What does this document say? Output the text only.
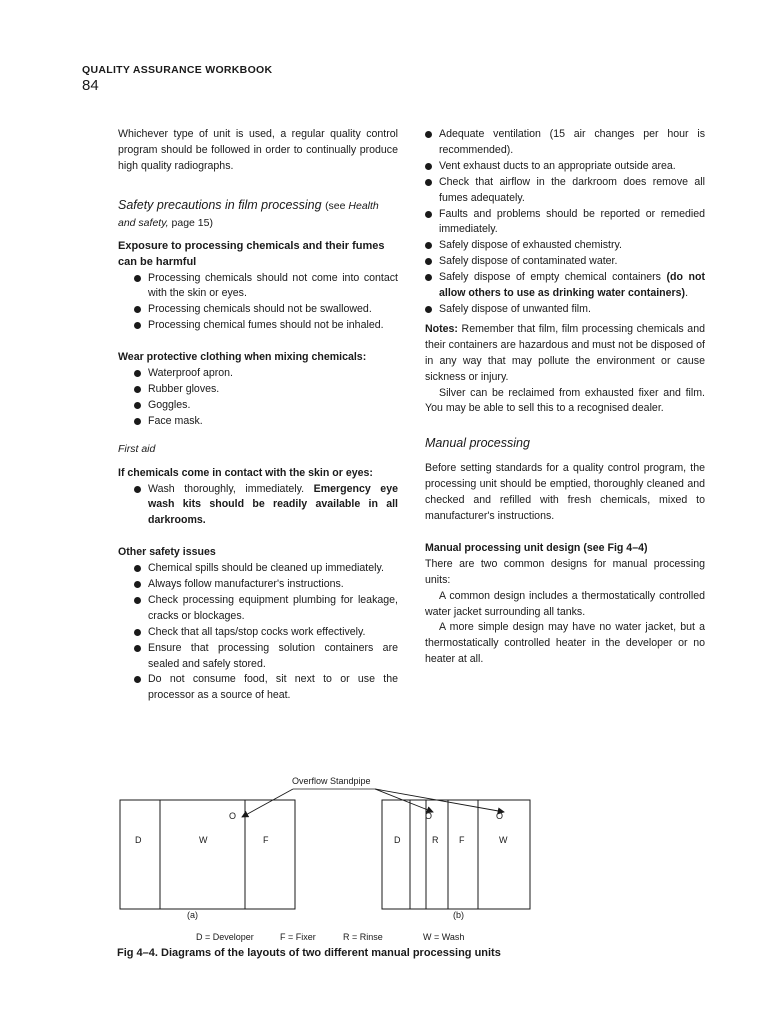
QUALITY ASSURANCE WORKBOOK
84

Whichever type of unit is used, a regular quality control program should be followed in order to continually produce high quality radiographs.

Safety precautions in film processing (see Health and safety, page 15)

Exposure to processing chemicals and their fumes can be harmful

Processing chemicals should not come into contact with the skin or eyes.
Processing chemicals should not be swallowed.
Processing chemical fumes should not be inhaled.

Wear protective clothing when mixing chemicals:

Waterproof apron.
Rubber gloves.
Goggles.
Face mask.
First aid

If chemicals come in contact with the skin or eyes:

Wash thoroughly, immediately. Emergency eye wash kits should be readily available in all darkrooms.

Other safety issues

Chemical spills should be cleaned up immediately.
Always follow manufacturer's instructions.
Check processing equipment plumbing for leakage, cracks or blockages.
Check that all taps/stop cocks work effectively.
Ensure that processing solution containers are sealed and safely stored.
Do not consume food, sit next to or use the processor as a source of heat.
Adequate ventilation (15 air changes per hour is recommended).
Vent exhaust ducts to an appropriate outside area.
Check that airflow in the darkroom does remove all fumes adequately.
Faults and problems should be reported or remedied immediately.
Safely dispose of exhausted chemistry.
Safely dispose of contaminated water.
Safely dispose of empty chemical containers (do not allow others to use as drinking water containers).
Safely dispose of unwanted film.

Notes: Remember that film, film processing chemicals and their containers are hazardous and must not be disposed of in any way that may pollute the environment or cause sickness or injury.

Silver can be reclaimed from exhausted fixer and film. You may be able to sell this to a recognised dealer.

Manual processing

Before setting standards for a quality control program, the processing unit should be emptied, thoroughly cleaned and checked and refilled with fresh chemicals, mixed to manufacturer's instructions.

Manual processing unit design (see Fig 4–4)

There are two common designs for manual processing units:

A common design includes a thermostatically controlled water jacket surrounding all tanks.

A more simple design may have no water jacket, but a thermostatically controlled heater in the developer or no heater at all.

Overflow Standpipe
O
D	W	F
(a)
O	O
D	R F	W
(b)
D = Developer	F = Fixer	R = Rinse	W = Wash
Fig 4–4. Diagrams of the layouts of two different manual processing units
